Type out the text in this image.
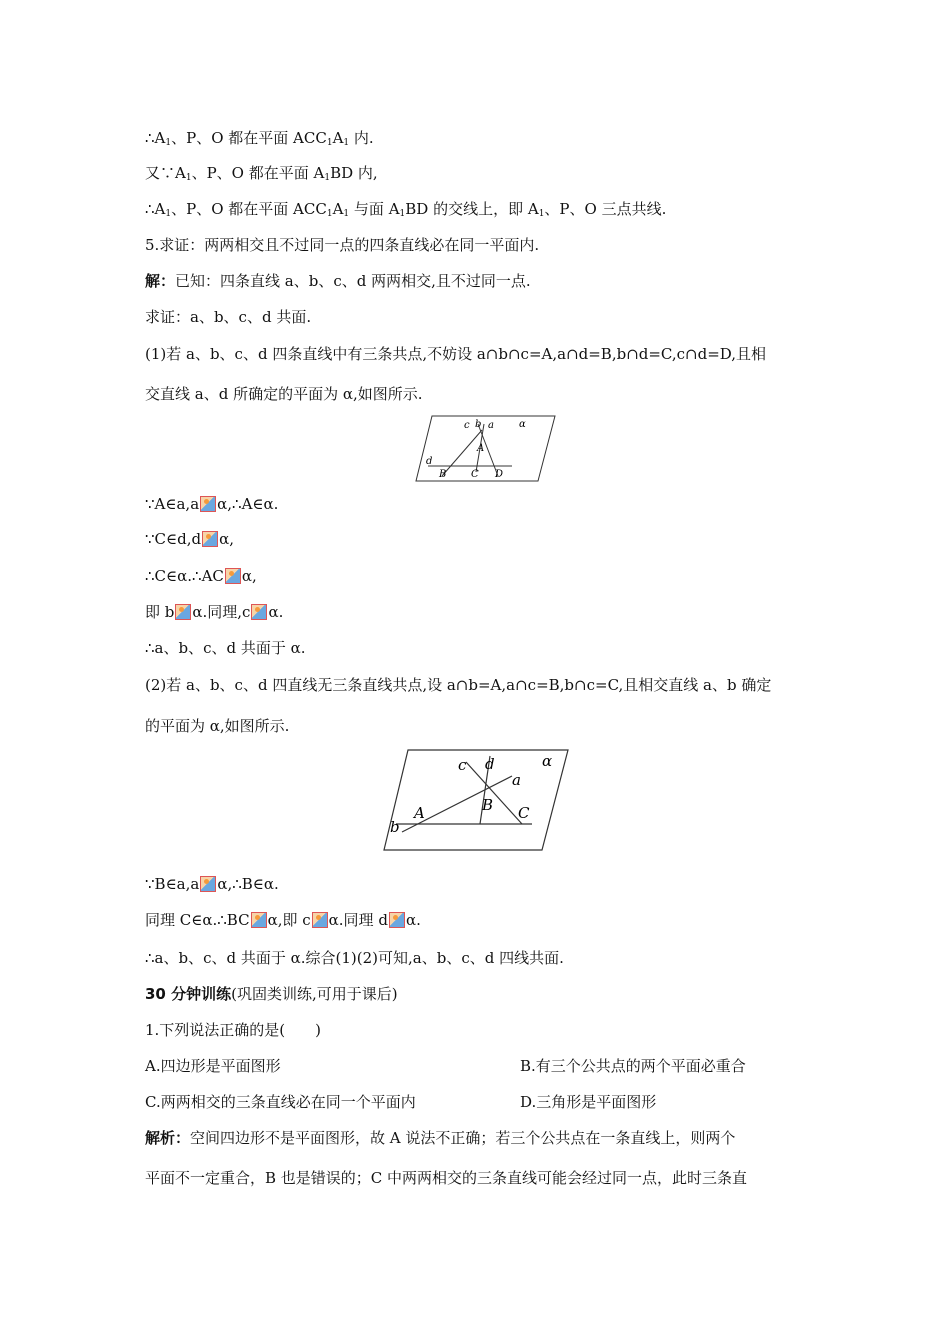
$\therefore A_1$、P、O 都在平面 $ACC_1A_1$ 内.
又$\because A_1$、P、O 都在平面 $A_1BD$ 内,
$\therefore A_1$、P、O 都在平面 $ACC_1A_1$ 与面 $A_1BD$ 的交线上，即 $A_1$、P、O 三点共线.
5.求证：两两相交且不过同一点的四条直线必在同一平面内.
解：已知：四条直线 a、b、c、d 两两相交,且不过同一点.
求证：a、b、c、d 共面.
(1)若 a、b、c、d 四条直线中有三条共点,不妨设 a∩b∩c=A,a∩d=B,b∩d=C,c∩d=D,且相
交直线 a、d 所确定的平面为 α,如图所示.
c b a	α
A
d
B C D
∵A∈a,a α,∴A∈α.
∵C∈d,d α,
∴C∈α.∴AC α,
即 b α.同理,c α.
∴a、b、c、d 共面于 α.
(2)若 a、b、c、d 四直线无三条直线共点,设 a∩b=A,a∩c=B,b∩c=C,且相交直线 a、b 确定
的平面为 α,如图所示.
c d	α
a
A	B C
b
∵B∈a,a α,∴B∈α.
同理 C∈α.∴BC α,即 c α.同理 d α.
∴a、b、c、d 共面于 α.综合(1)(2)可知,a、b、c、d 四线共面.
30 分钟训练(巩固类训练,可用于课后)
1.下列说法正确的是(　　)
A.四边形是平面图形	B.有三个公共点的两个平面必重合
C.两两相交的三条直线必在同一个平面内	D.三角形是平面图形
解析：空间四边形不是平面图形，故 A 说法不正确；若三个公共点在一条直线上，则两个
平面不一定重合，B 也是错误的；C 中两两相交的三条直线可能会经过同一点，此时三条直
